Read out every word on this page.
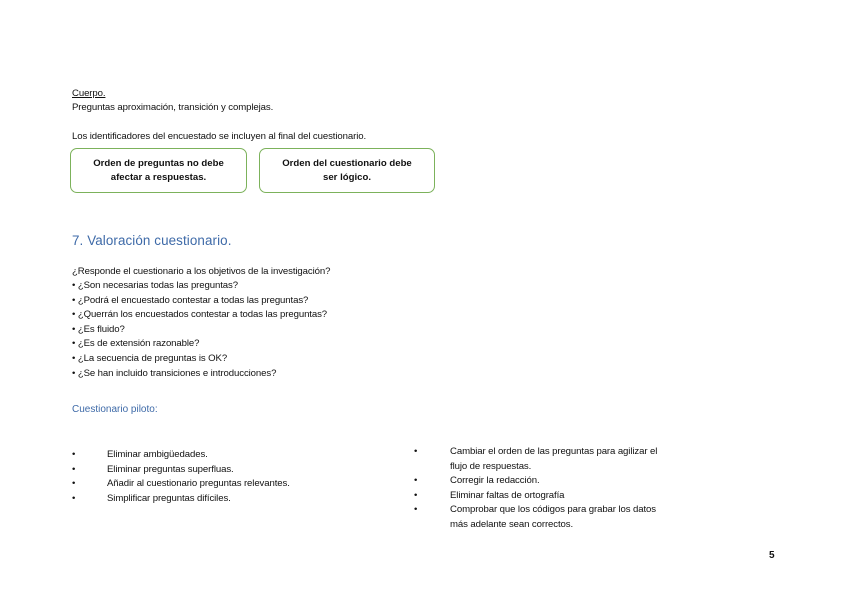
Cuerpo.
Preguntas aproximación, transición y complejas.
Los identificadores del encuestado se incluyen al final del cuestionario.
Orden de preguntas no debe
afectar a respuestas.
Orden del cuestionario debe
ser lógico.
7. Valoración cuestionario.
¿Responde el cuestionario a los objetivos de la investigación?
• ¿Son necesarias todas las preguntas?
• ¿Podrá el encuestado contestar a todas las preguntas?
• ¿Querrán los encuestados contestar a todas las preguntas?
• ¿Es fluido?
• ¿Es de extensión razonable?
• ¿La secuencia de preguntas is OK?
• ¿Se han incluido transiciones e introducciones?
Cuestionario piloto:
•	Eliminar ambigüedades.
•	Eliminar preguntas superfluas.
•	Añadir al cuestionario preguntas relevantes.
•	Simplificar preguntas difíciles.
•	Cambiar el orden de las preguntas para agilizar el flujo de respuestas.
•	Corregir la redacción.
•	Eliminar faltas de ortografía
•	Comprobar que los códigos para grabar los datos más adelante sean correctos.
5
